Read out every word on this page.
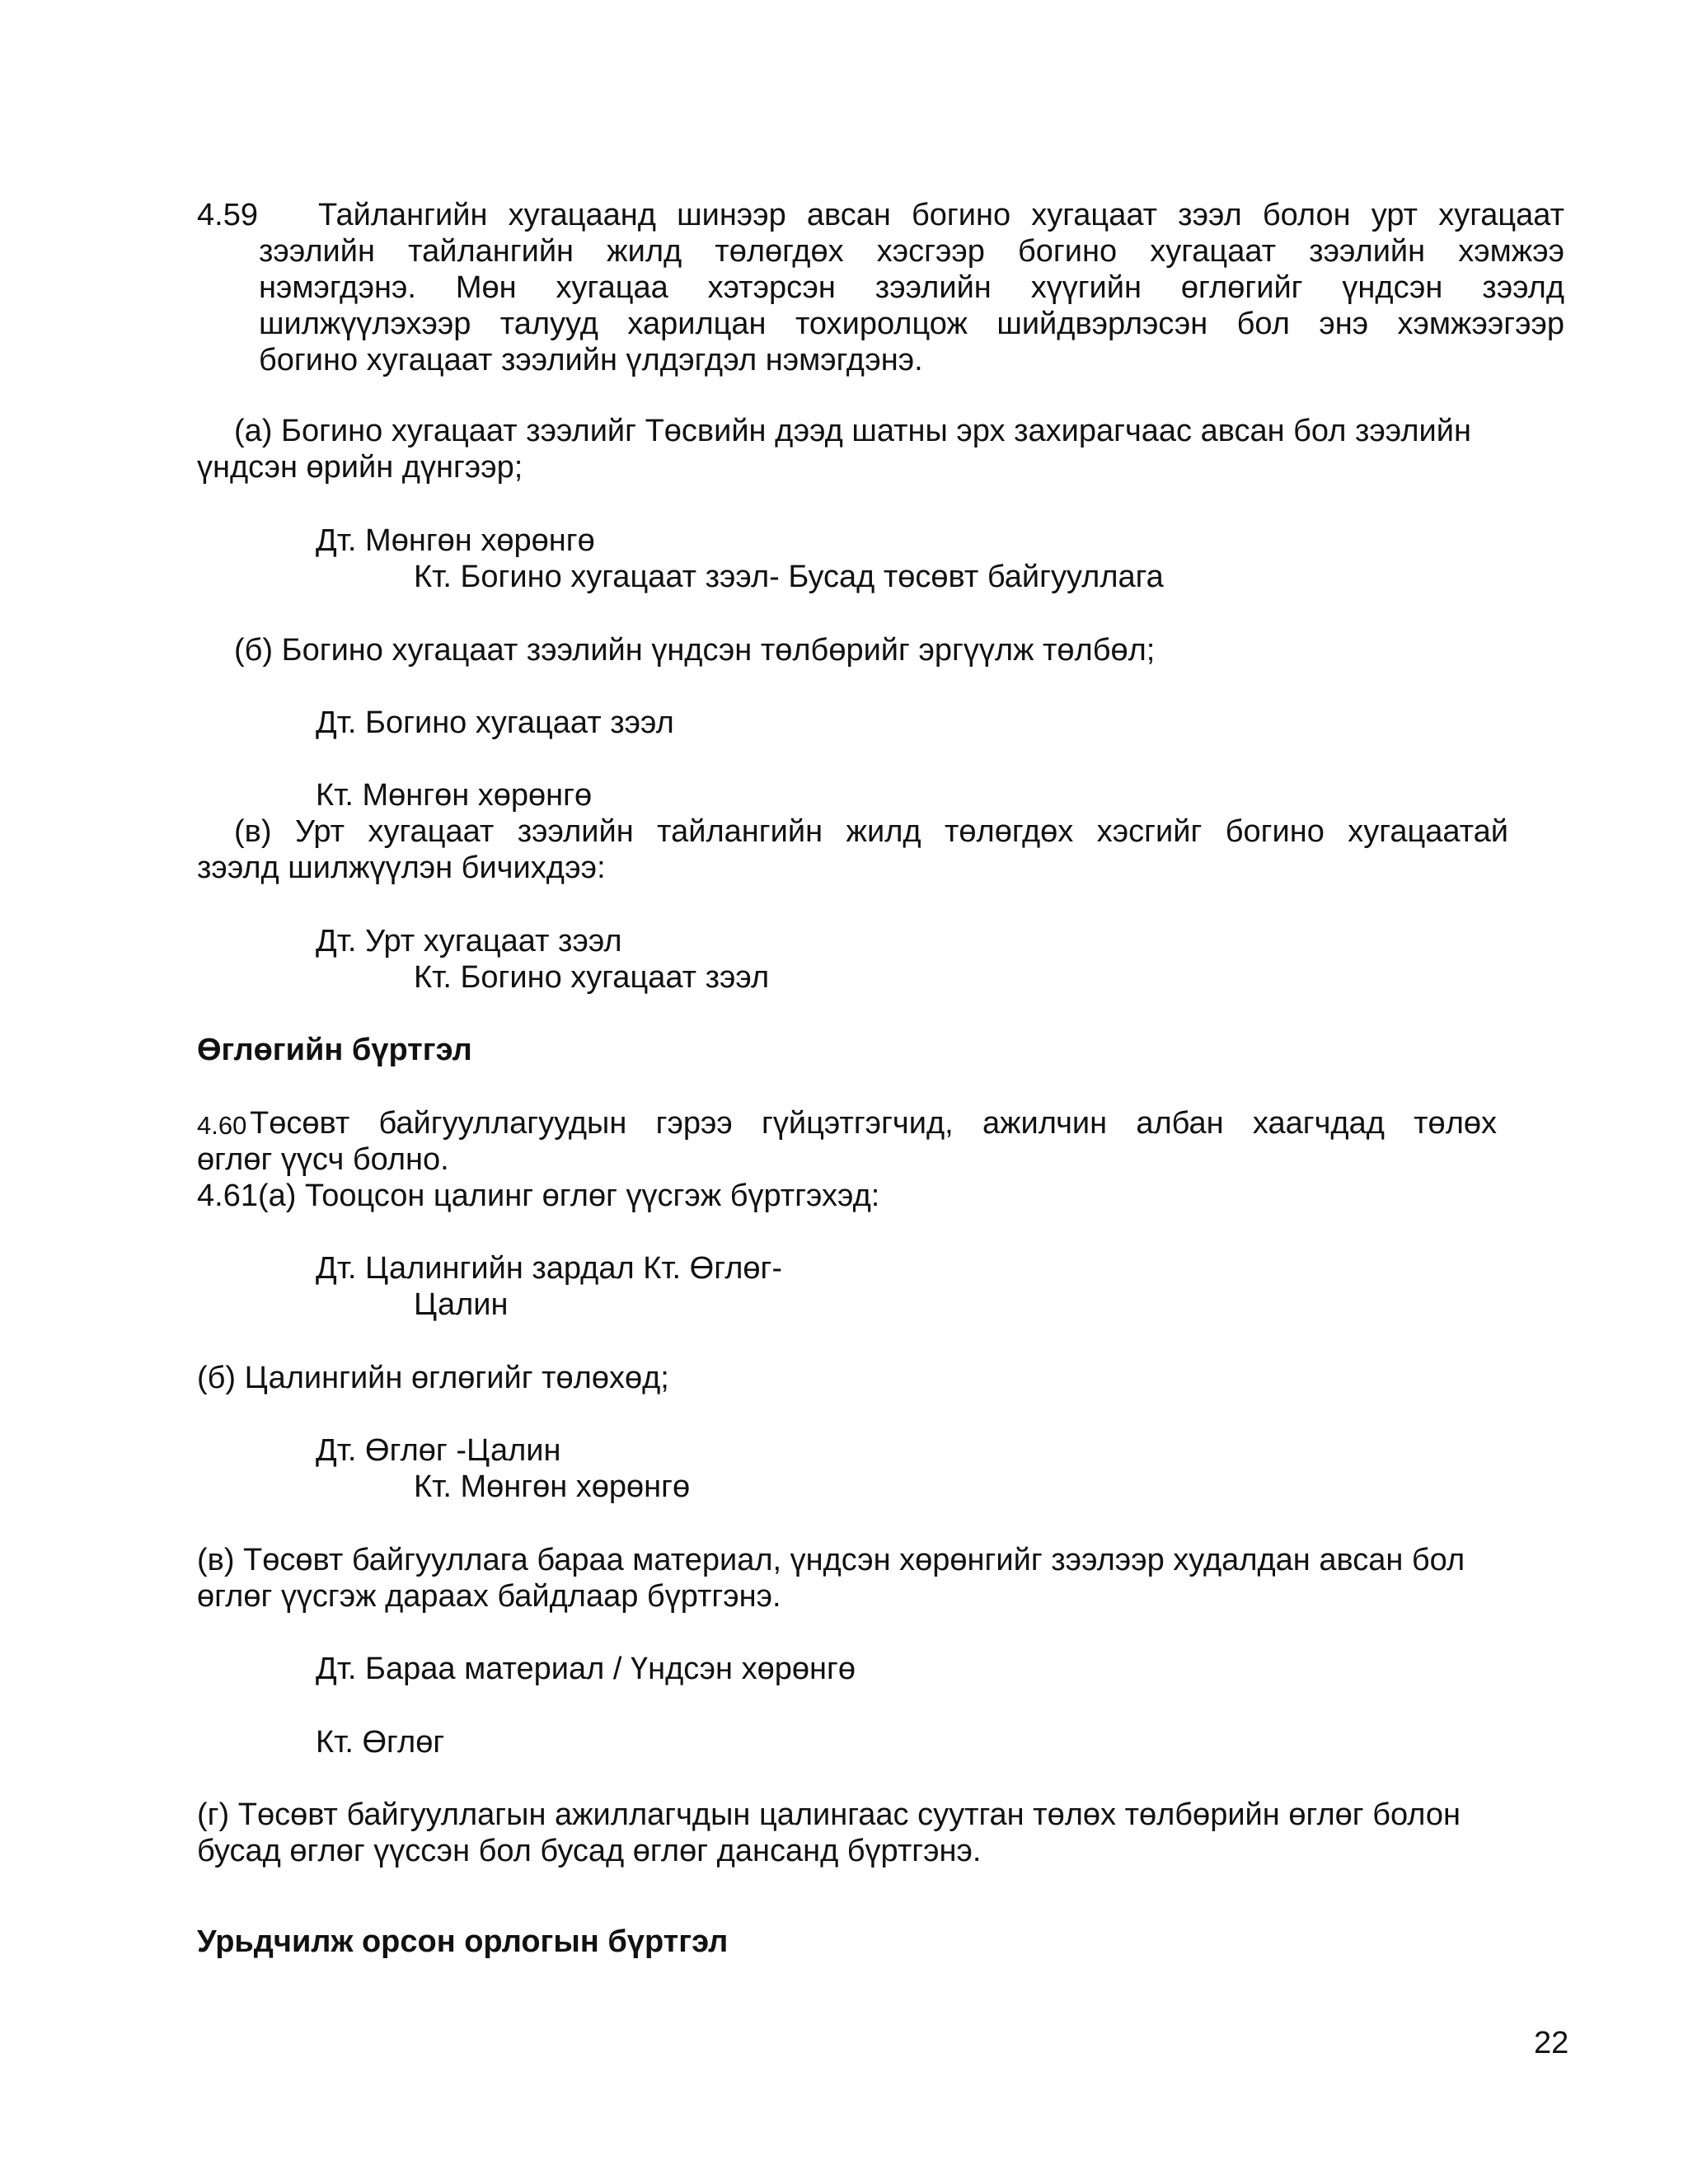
4.59 Тайлангийн хугацаанд шинээр авсан богино хугацаат зээл болон урт хугацаат
зээлийн тайлангийн жилд төлөгдөх хэсгээр богино хугацаат зээлийн хэмжээ
нэмэгдэнэ. Мөн хугацаа хэтэрсэн зээлийн хүүгийн өглөгийг үндсэн зээлд
шилжүүлэхээр талууд харилцан тохиролцож шийдвэрлэсэн бол энэ хэмжээгээр
богино хугацаат зээлийн үлдэгдэл нэмэгдэнэ.
(а) Богино хугацаат зээлийг Төсвийн дээд шатны эрх захирагчаас авсан бол зээлийн
үндсэн өрийн дүнгээр;
Дт. Мөнгөн хөрөнгө
Кт. Богино хугацаат зээл- Бусад төсөвт байгууллага
(б) Богино хугацаат зээлийн үндсэн төлбөрийг эргүүлж төлбөл;
Дт. Богино хугацаат зээл
Кт. Мөнгөн хөрөнгө
(в) Урт хугацаат зээлийн тайлангийн жилд төлөгдөх хэсгийг богино хугацаатай
зээлд шилжүүлэн бичихдээ:
Дт. Урт хугацаат зээл
Кт. Богино хугацаат зээл
Өглөгийн бүртгэл
4.60 Төсөвт байгууллагуудын гэрээ гүйцэтгэгчид, ажилчин албан хаагчдад төлөх
өглөг үүсч болно.
4.61(а) Тооцсон цалинг өглөг үүсгэж бүртгэхэд:
Дт. Цалингийн зардал Кт. Өглөг-
Цалин
(б) Цалингийн өглөгийг төлөхөд;
Дт. Өглөг -Цалин
Кт. Мөнгөн хөрөнгө
(в) Төсөвт байгууллага бараа материал, үндсэн хөрөнгийг зээлээр худалдан авсан бол
өглөг үүсгэж дараах байдлаар бүртгэнэ.
Дт. Бараа материал / Үндсэн хөрөнгө
Кт. Өглөг
(г) Төсөвт байгууллагын ажиллагчдын цалингаас суутган төлөх төлбөрийн өглөг болон
бусад өглөг үүссэн бол бусад өглөг дансанд бүртгэнэ.
Урьдчилж орсон орлогын бүртгэл
22
